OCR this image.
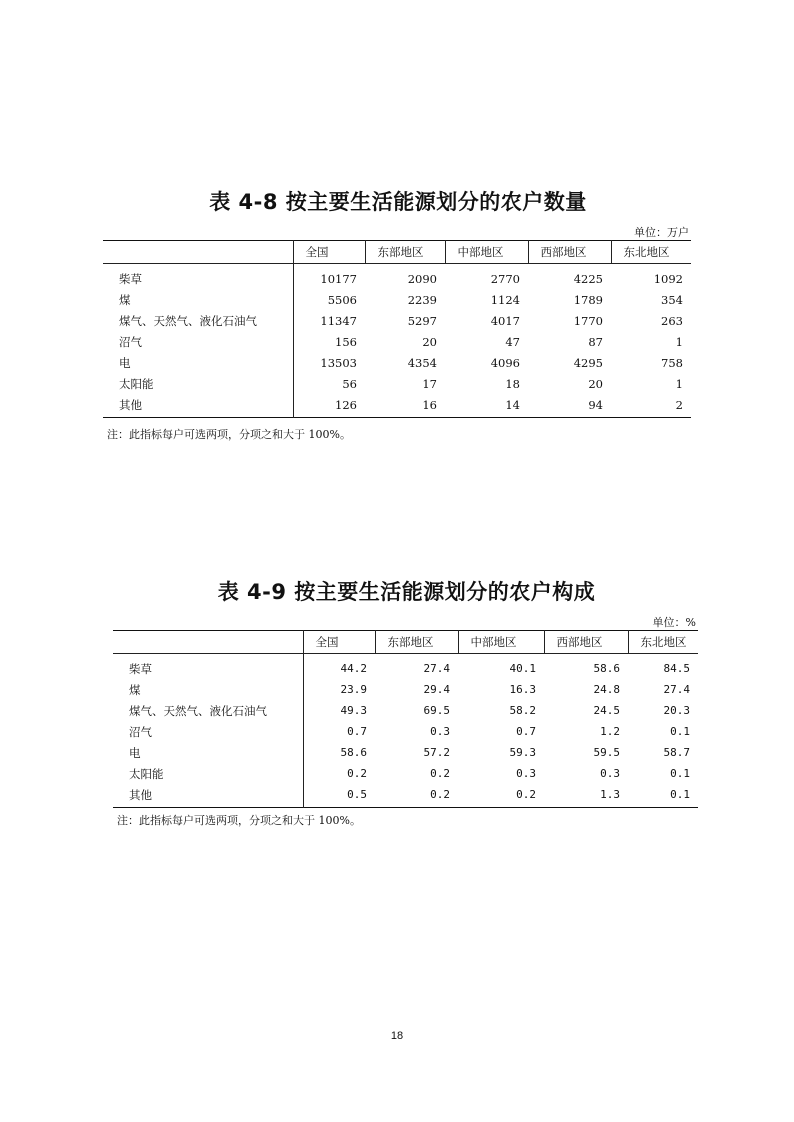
表 4-8 按主要生活能源划分的农户数量
单位：万户
	全国	东部地区	中部地区	西部地区	东北地区
柴草	10177	2090	2770	4225	1092
煤	5506	2239	1124	1789	354
煤气、天然气、液化石油气	11347	5297	4017	1770	263
沼气	156	20	47	87	1
电	13503	4354	4096	4295	758
太阳能	56	17	18	20	1
其他	126	16	14	94	2
注：此指标每户可选两项，分项之和大于 100%。
表 4-9 按主要生活能源划分的农户构成
单位：%
	全国	东部地区	中部地区	西部地区	东北地区
柴草	44.2	27.4	40.1	58.6	84.5
煤	23.9	29.4	16.3	24.8	27.4
煤气、天然气、液化石油气	49.3	69.5	58.2	24.5	20.3
沼气	0.7	0.3	0.7	1.2	0.1
电	58.6	57.2	59.3	59.5	58.7
太阳能	0.2	0.2	0.3	0.3	0.1
其他	0.5	0.2	0.2	1.3	0.1
注：此指标每户可选两项，分项之和大于 100%。
18
